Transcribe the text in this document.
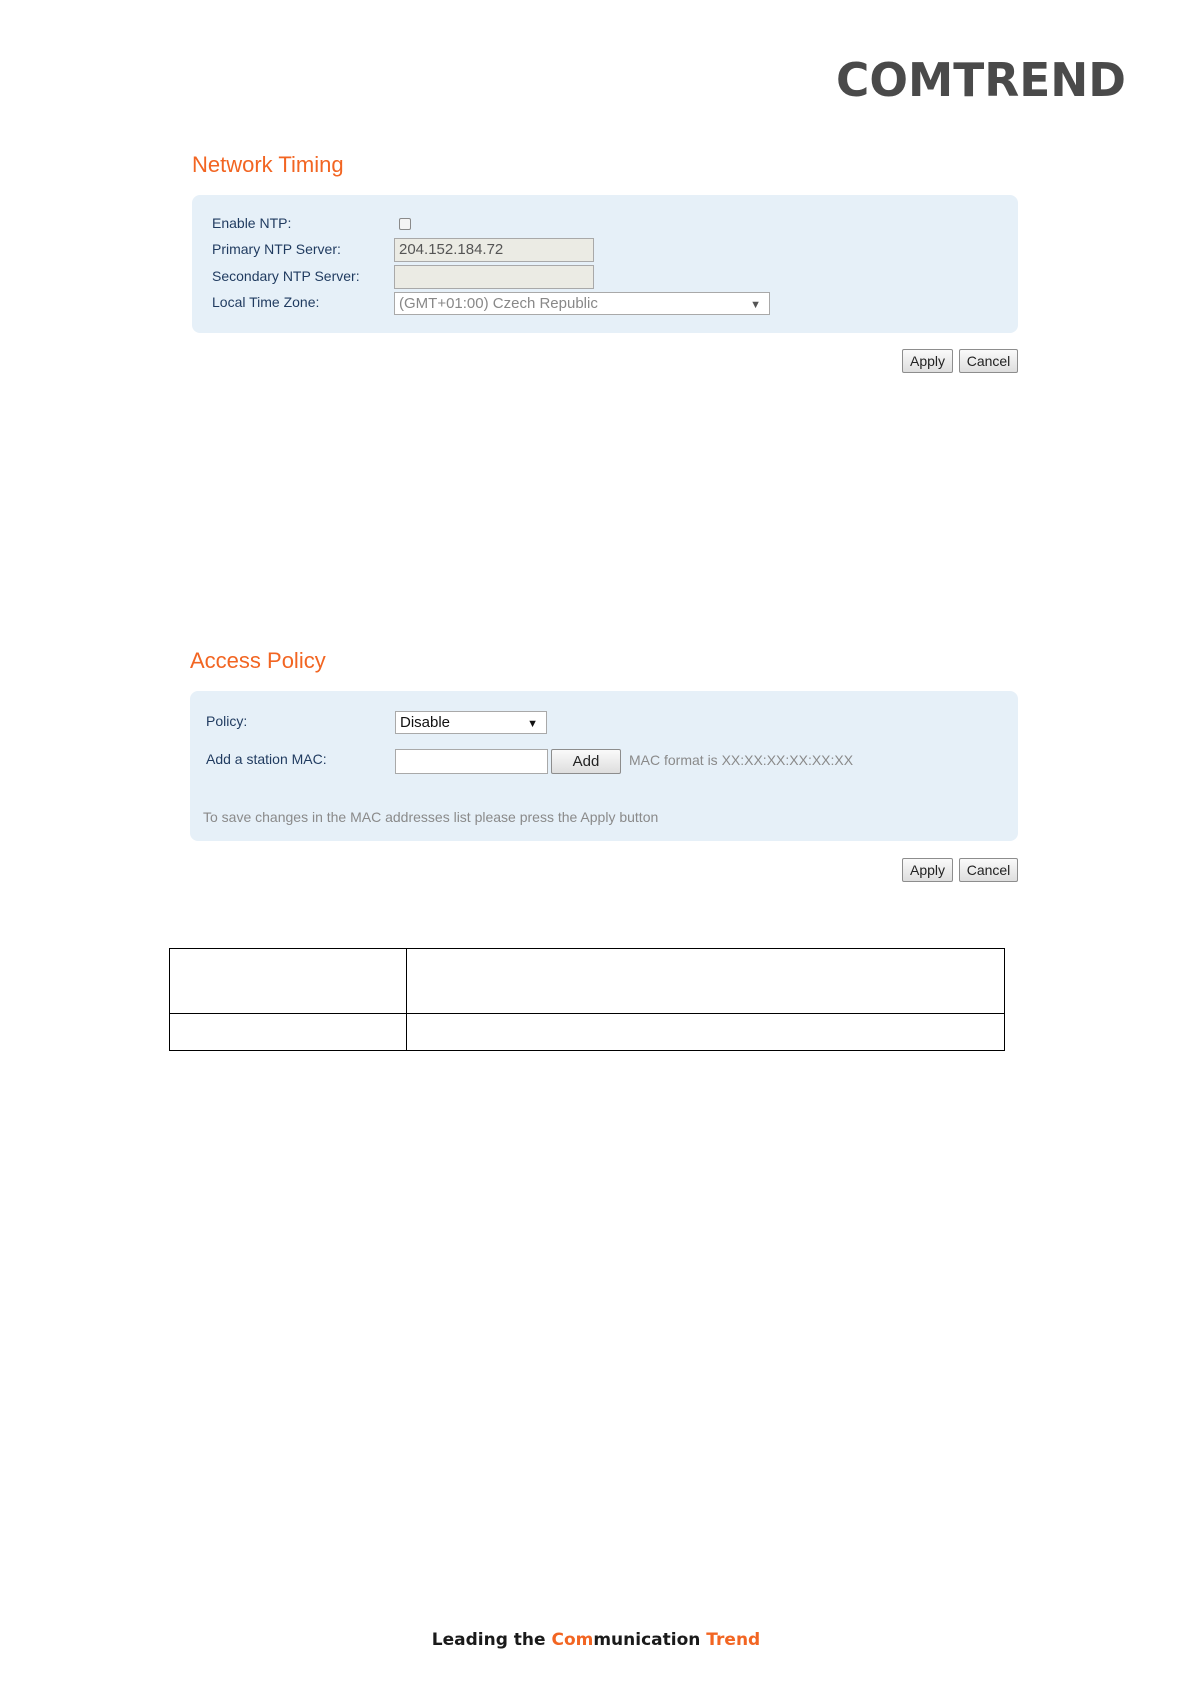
COMTREND
Network Timing
Enable NTP:
Primary NTP Server:	204.152.184.72
Secondary NTP Server:
Local Time Zone:	(GMT+01:00) Czech Republic	▼
Apply	Cancel
Access Policy
Policy:	Disable	▼
Add a station MAC:	Add	MAC format is XX:XX:XX:XX:XX:XX
To save changes in the MAC addresses list please press the Apply button
Apply	Cancel

Leading the Communication Trend
